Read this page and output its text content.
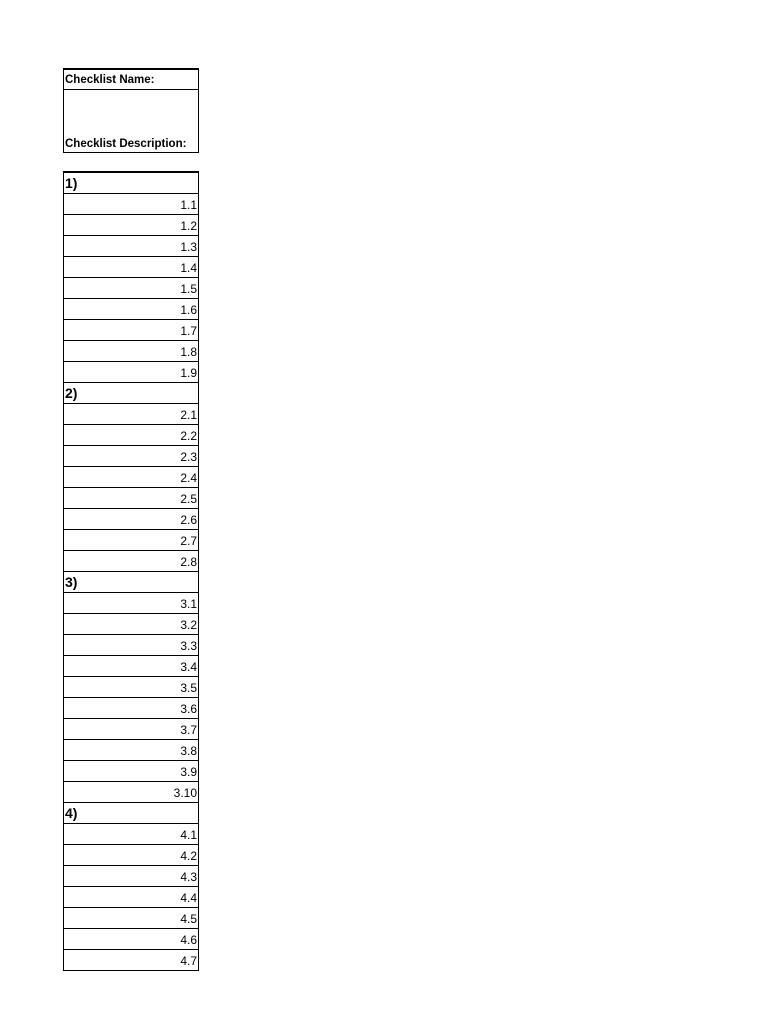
Checklist Name:
Checklist Description:
1)
1.1
1.2
1.3
1.4
1.5
1.6
1.7
1.8
1.9
2)
2.1
2.2
2.3
2.4
2.5
2.6
2.7
2.8
3)
3.1
3.2
3.3
3.4
3.5
3.6
3.7
3.8
3.9
3.10
4)
4.1
4.2
4.3
4.4
4.5
4.6
4.7
